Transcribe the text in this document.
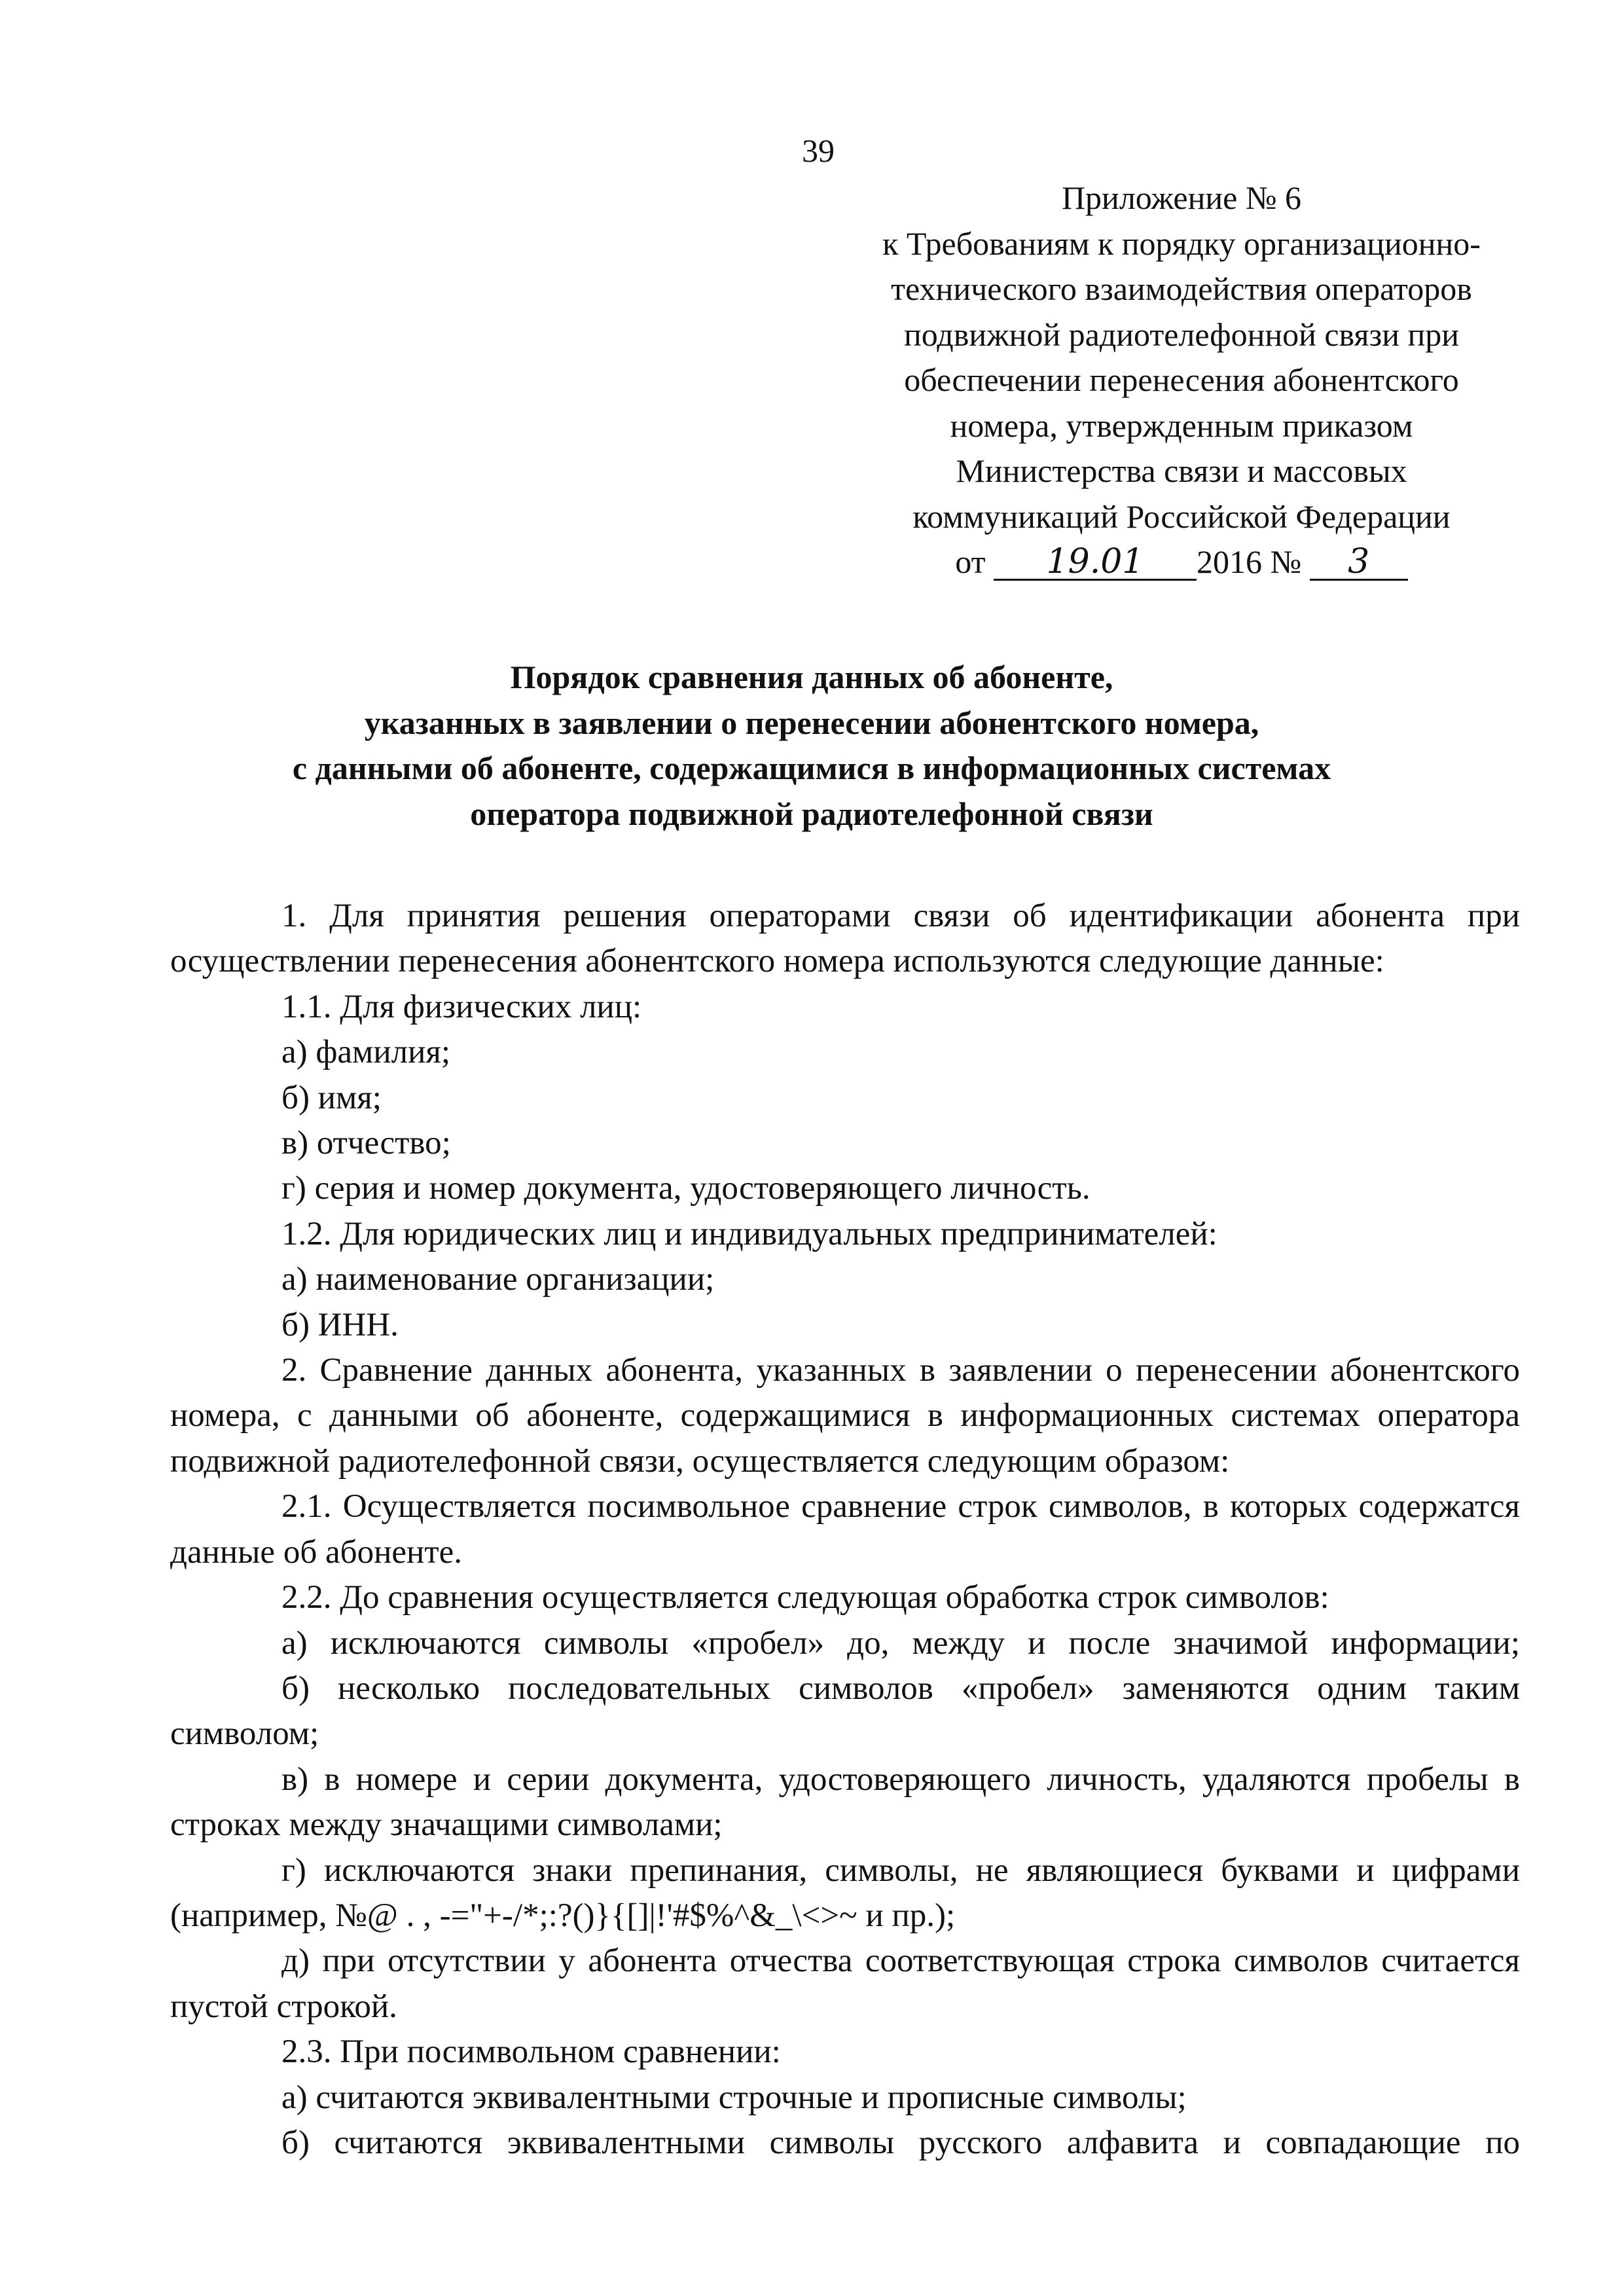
39
Приложение № 6
к Требованиям к порядку организационно-
технического взаимодействия операторов
подвижной радиотелефонной связи при
обеспечении перенесения абонентского
номера, утвержденным приказом
Министерства связи и массовых
коммуникаций Российской Федерации
от 19.01 2016 № 3
Порядок сравнения данных об абоненте,
указанных в заявлении о перенесении абонентского номера,
с данными об абоненте, содержащимися в информационных системах
оператора подвижной радиотелефонной связи

1. Для принятия решения операторами связи об идентификации абонента при осуществлении перенесения абонентского номера используются следующие данные:

1.1. Для физических лиц:

а) фамилия;

б) имя;

в) отчество;

г) серия и номер документа, удостоверяющего личность.

1.2. Для юридических лиц и индивидуальных предпринимателей:

а) наименование организации;

б) ИНН.

2. Сравнение данных абонента, указанных в заявлении о перенесении абонентского номера, с данными об абоненте, содержащимися в информационных системах оператора подвижной радиотелефонной связи, осуществляется следующим образом:

2.1. Осуществляется посимвольное сравнение строк символов, в которых содержатся данные об абоненте.

2.2. До сравнения осуществляется следующая обработка строк символов:

а) исключаются символы «пробел» до, между и после значимой информации;

б) несколько последовательных символов «пробел» заменяются одним таким символом;

в) в номере и серии документа, удостоверяющего личность, удаляются пробелы в строках между значащими символами;

г) исключаются знаки препинания, символы, не являющиеся буквами и цифрами (например, №@ . , -="+-/*;:?()}{[]|!'#$%^&_\<>~ и пр.);

д) при отсутствии у абонента отчества соответствующая строка символов считается пустой строкой.

2.3. При посимвольном сравнении:

а) считаются эквивалентными строчные и прописные символы;

б) считаются эквивалентными символы русского алфавита и совпадающие по
